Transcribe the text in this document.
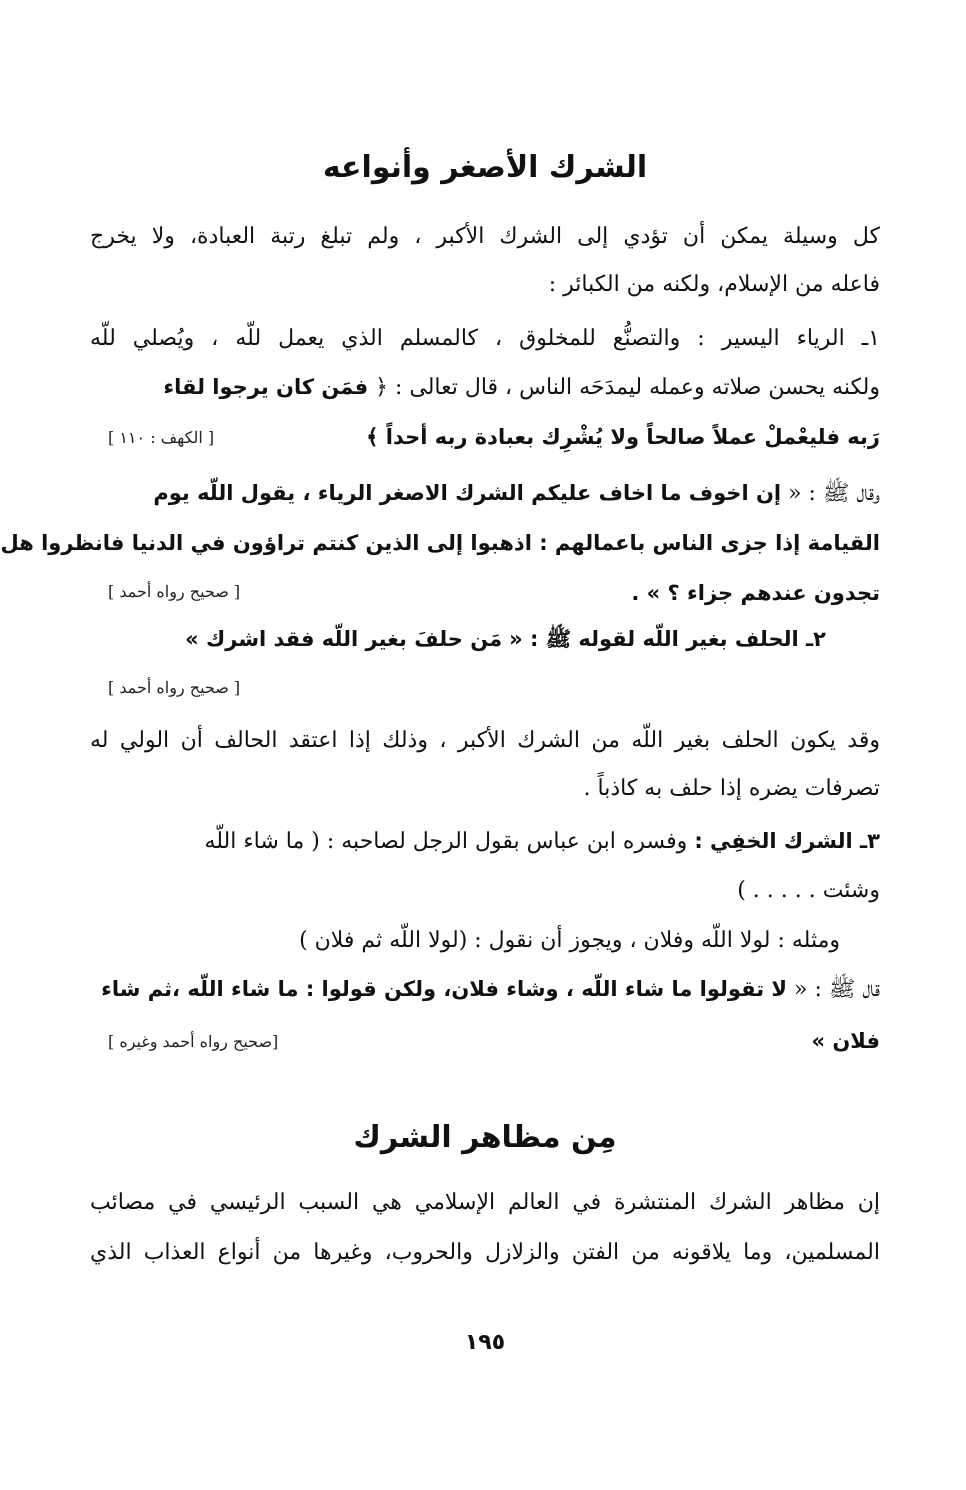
الشرك الأصغر وأنواعه
كل وسيلة يمكن أن تؤدي إلى الشرك الأكبر ، ولم تبلغ رتبة العبادة، ولا يخرج
فاعله من الإسلام، ولكنه من الكبائر :
١ـ الرياء اليسير : والتصنُّع للمخلوق ، كالمسلم الذي يعمل للّه ، ويُصلي للّه
ولكنه يحسن صلاته وعمله ليمدَحَه الناس ، قال تعالى : ﴿ فمَن كان يرجوا لقاء
رَبه فليعْملْ عملاً صالحاً ولا يُشْرِك بعبادة ربه أحداً ﴾
[ الكهف : ١١٠ ]
وقال ﷺ : « إن اخوف ما اخاف عليكم الشرك الاصغر الرياء ، يقول اللّه يوم
القيامة إذا جزى الناس باعمالهم : اذهبوا إلى الذين كنتم تراؤون في الدنيا فانظروا هل
تجدون عندهم جزاء ؟ » .
[ صحيح رواه أحمد ]
٢ـ الحلف بغير اللّه لقوله ﷺ : « مَن حلفَ بغير اللّه فقد اشرك »
[ صحيح رواه أحمد ]
وقد يكون الحلف بغير اللّه من الشرك الأكبر ، وذلك إذا اعتقد الحالف أن الولي له
تصرفات يضره إذا حلف به كاذباً .
٣ـ الشرك الخفِي : وفسره ابن عباس بقول الرجل لصاحبه : ( ما شاء اللّه
وشئت . . . . . )
ومثله : لولا اللّه وفلان ، ويجوز أن نقول : (لولا اللّه ثم فلان )
قال ﷺ : « لا تقولوا ما شاء اللّه ، وشاء فلان، ولكن قولوا : ما شاء اللّه ،ثم شاء
فلان »
[صحيح رواه أحمد وغيره ]
مِن مظاهر الشرك
إن مظاهر الشرك المنتشرة في العالم الإسلامي هي السبب الرئيسي في مصائب
المسلمين، وما يلاقونه من الفتن والزلازل والحروب، وغيرها من أنواع العذاب الذي
١٩٥
